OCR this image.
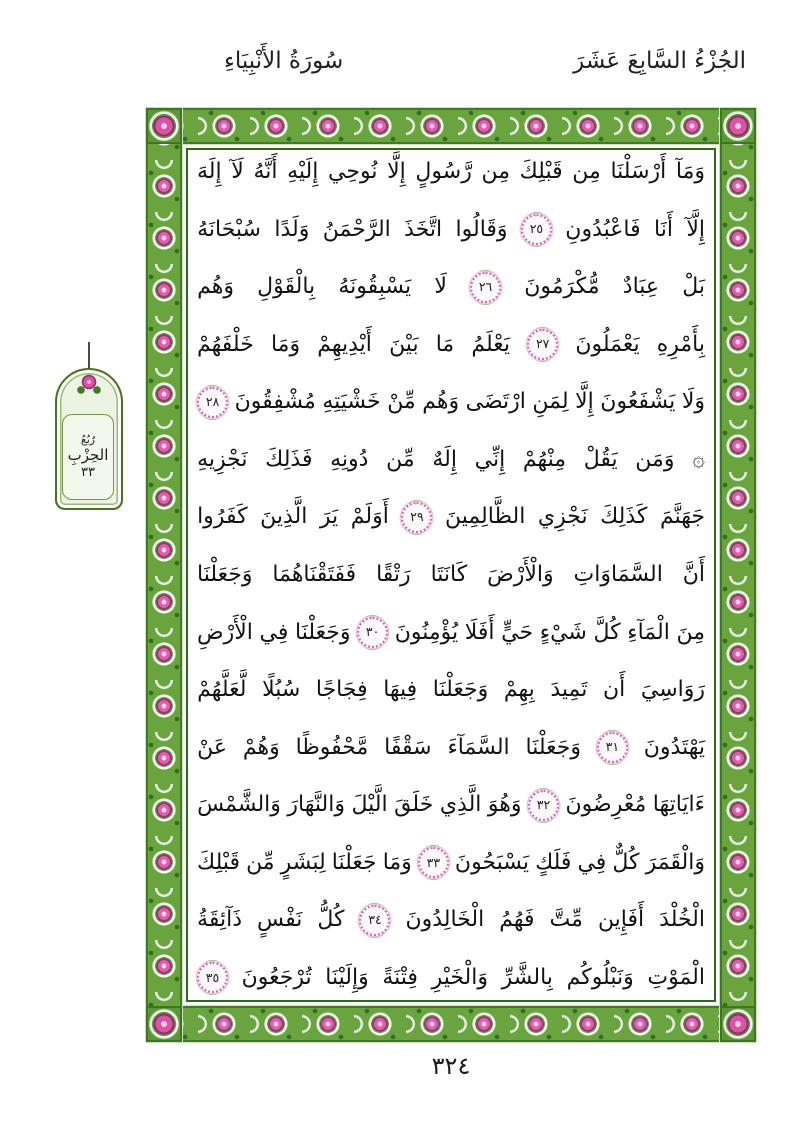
الجُزْءُ السَّابِعَ عَشَرَ
سُورَةُ الأَنْبِيَاءِ
وَمَآ
أَرْسَلْنَا
مِن
قَبْلِكَ
مِن
رَّسُولٍ
إِلَّا
نُوحِي
إِلَيْهِ
أَنَّهُ
لَآ
إِلَهَ
إِلَّآ
أَنَا
فَاعْبُدُونِ
٢٥
وَقَالُوا
اتَّخَذَ
الرَّحْمَنُ
وَلَدًا
سُبْحَانَهُ
بَلْ
عِبَادٌ
مُّكْرَمُونَ
٢٦
لَا
يَسْبِقُونَهُ
بِالْقَوْلِ
وَهُم
بِأَمْرِهِ
يَعْمَلُونَ
٢٧
يَعْلَمُ
مَا
بَيْنَ
أَيْدِيهِمْ
وَمَا
خَلْفَهُمْ
وَلَا
يَشْفَعُونَ
إِلَّا
لِمَنِ
ارْتَضَى
وَهُم
مِّنْ
خَشْيَتِهِ
مُشْفِقُونَ
٢٨
۞
وَمَن
يَقُلْ
مِنْهُمْ
إِنِّي
إِلَهٌ
مِّن
دُونِهِ
فَذَلِكَ
نَجْزِيهِ
جَهَنَّمَ
كَذَلِكَ
نَجْزِي
الظَّالِمِينَ
٢٩
أَوَلَمْ
يَرَ
الَّذِينَ
كَفَرُوا
أَنَّ
السَّمَاوَاتِ
وَالْأَرْضَ
كَانَتَا
رَتْقًا
فَفَتَقْنَاهُمَا
وَجَعَلْنَا
مِنَ
الْمَآءِ
كُلَّ
شَيْءٍ
حَيٍّ
أَفَلَا
يُؤْمِنُونَ
٣٠
وَجَعَلْنَا
فِي
الْأَرْضِ
رَوَاسِيَ
أَن
تَمِيدَ
بِهِمْ
وَجَعَلْنَا
فِيهَا
فِجَاجًا
سُبُلًا
لَّعَلَّهُمْ
يَهْتَدُونَ
٣١
وَجَعَلْنَا
السَّمَآءَ
سَقْفًا
مَّحْفُوظًا
وَهُمْ
عَنْ
ءَايَاتِهَا
مُعْرِضُونَ
٣٢
وَهُوَ
الَّذِي
خَلَقَ
الَّيْلَ
وَالنَّهَارَ
وَالشَّمْسَ
وَالْقَمَرَ
كُلٌّ
فِي
فَلَكٍ
يَسْبَحُونَ
٣٣
وَمَا
جَعَلْنَا
لِبَشَرٍ
مِّن
قَبْلِكَ
الْخُلْدَ
أَفَإِين
مِّتَّ
فَهُمُ
الْخَالِدُونَ
٣٤
كُلُّ
نَفْسٍ
ذَآئِقَةُ
الْمَوْتِ
وَنَبْلُوكُم
بِالشَّرِّ
وَالْخَيْرِ
فِتْنَةً
وَإِلَيْنَا
تُرْجَعُونَ
٣٥
رُبُعُ
الحِزْبِ
٣٣
٣٢٤
